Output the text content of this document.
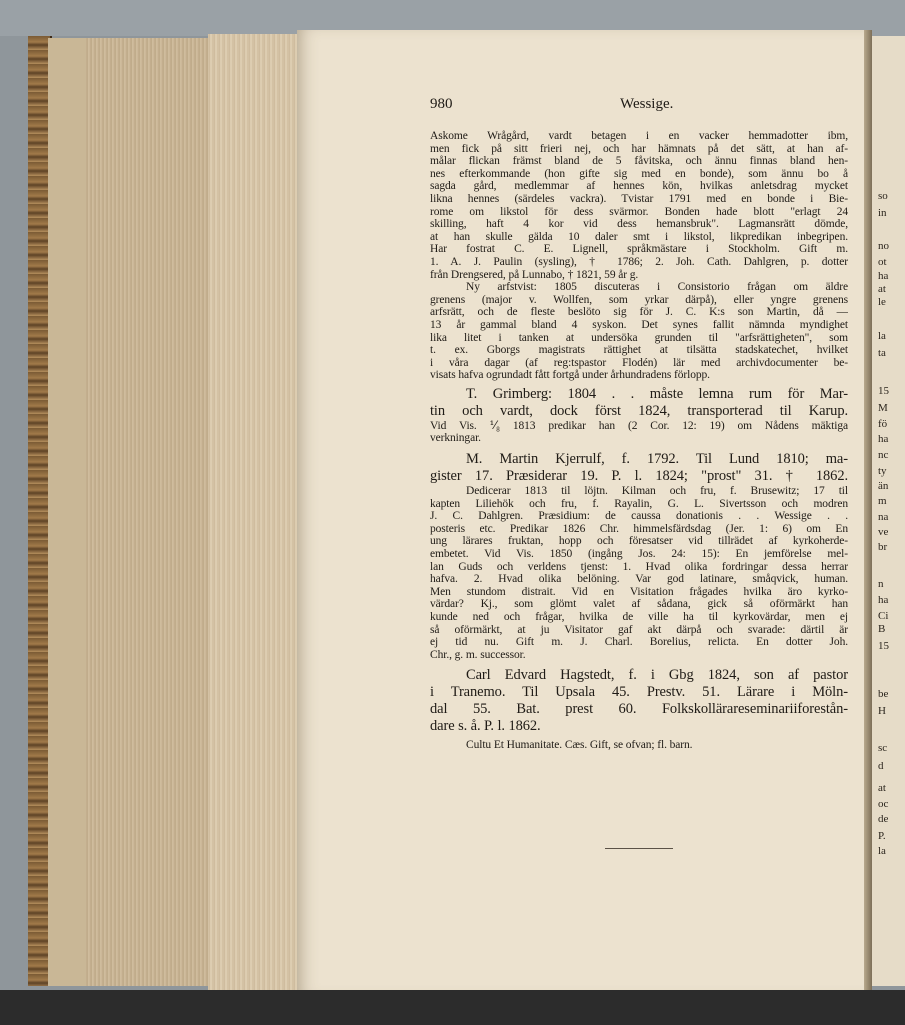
980	Wessige.
Askome Wrågård, vardt betagen i en vacker hemmadotter ibm,
men fick på sitt frieri nej, och har hämnats på det sätt, at han af-
målar flickan främst bland de 5 fåvitska, och ännu finnas bland hen-
nes efterkommande (hon gifte sig med en bonde), som ännu bo å
sagda gård, medlemmar af hennes kön, hvilkas anletsdrag mycket
likna hennes (särdeles vackra). Tvistar 1791 med en bonde i Bie-
rome om likstol för dess svärmor. Bonden hade blott "erlagt 24
skilling, haft 4 kor vid dess hemansbruk". Lagmansrätt dömde,
at han skulle gälda 10 daler smt i likstol, likpredikan inbegripen.
Har fostrat C. E. Lignell, språkmästare i Stockholm. Gift m.
1. A. J. Paulin (sysling), † 1786; 2. Joh. Cath. Dahlgren, p. dotter
från Drengsered, på Lunnabo, † 1821, 59 år g.
Ny arfstvist: 1805 discuteras i Consistorio frågan om äldre
grenens (major v. Wollfen, som yrkar därpå), eller yngre grenens
arfsrätt, och de fleste beslöto sig för J. C. K:s son Martin, då —
13 år gammal bland 4 syskon. Det synes fallit nämnda myndighet
lika litet i tanken at undersöka grunden til "arfsrättigheten", som
t. ex. Gborgs magistrats rättighet at tilsätta stadskatechet, hvilket
i våra dagar (af reg:tspastor Flodén) lär med archivdocumenter be-
visats hafva ogrundadt fått fortgå under århundradens förlopp.
T. Grimberg: 1804 . . måste lemna rum för Mar-
tin och vardt, dock först 1824, transporterad til Karup.
Vid Vis. ⅟₈ 1813 predikar han (2 Cor. 12: 19) om Nådens mäktiga
verkningar.
M. Martin Kjerrulf, f. 1792. Til Lund 1810; ma-
gister 17. Præsiderar 19. P. l. 1824; "prost" 31. † 1862.
Dedicerar 1813 til löjtn. Kilman och fru, f. Brusewitz; 17 til
kapten Liliehök och fru, f. Rayalin, G. L. Sivertsson och modren
J. C. Dahlgren. Præsidium: de caussa donationis . . Wessige . .
posteris etc. Predikar 1826 Chr. himmelsfärdsdag (Jer. 1: 6) om En
ung lärares fruktan, hopp och föresatser vid tillrädet af kyrkoherde-
embetet. Vid Vis. 1850 (ingång Jos. 24: 15): En jemförelse mel-
lan Guds och verldens tjenst: 1. Hvad olika fordringar dessa herrar
hafva. 2. Hvad olika belöning. Var god latinare, småqvick, human.
Men stundom distrait. Vid en Visitation frågades hvilka äro kyrko-
värdar? Kj., som glömt valet af sådana, gick så oförmärkt han
kunde ned och frågar, hvilka de ville ha til kyrkovärdar, men ej
så oförmärkt, at ju Visitator gaf akt därpå och svarade: därtil är
ej tid nu. Gift m. J. Charl. Borelius, relicta. En dotter Joh.
Chr., g. m. successor.
Carl Edvard Hagstedt, f. i Gbg 1824, son af pastor
i Tranemo. Til Upsala 45. Prestv. 51. Lärare i Möln-
dal 55. Bat. prest 60. Folkskollärareseminariiforestån-
dare s. å. P. l. 1862.
Cultu Et Humanitate. Cæs. Gift, se ofvan; fl. barn.
so
in
no
ot
ha
at
le
la
ta
15
M
fö
ha
nc
ty
än
m
na
ve
br
n
ha
Ci
B
15
be
H
sc
d
at
oc
de
P.
la
